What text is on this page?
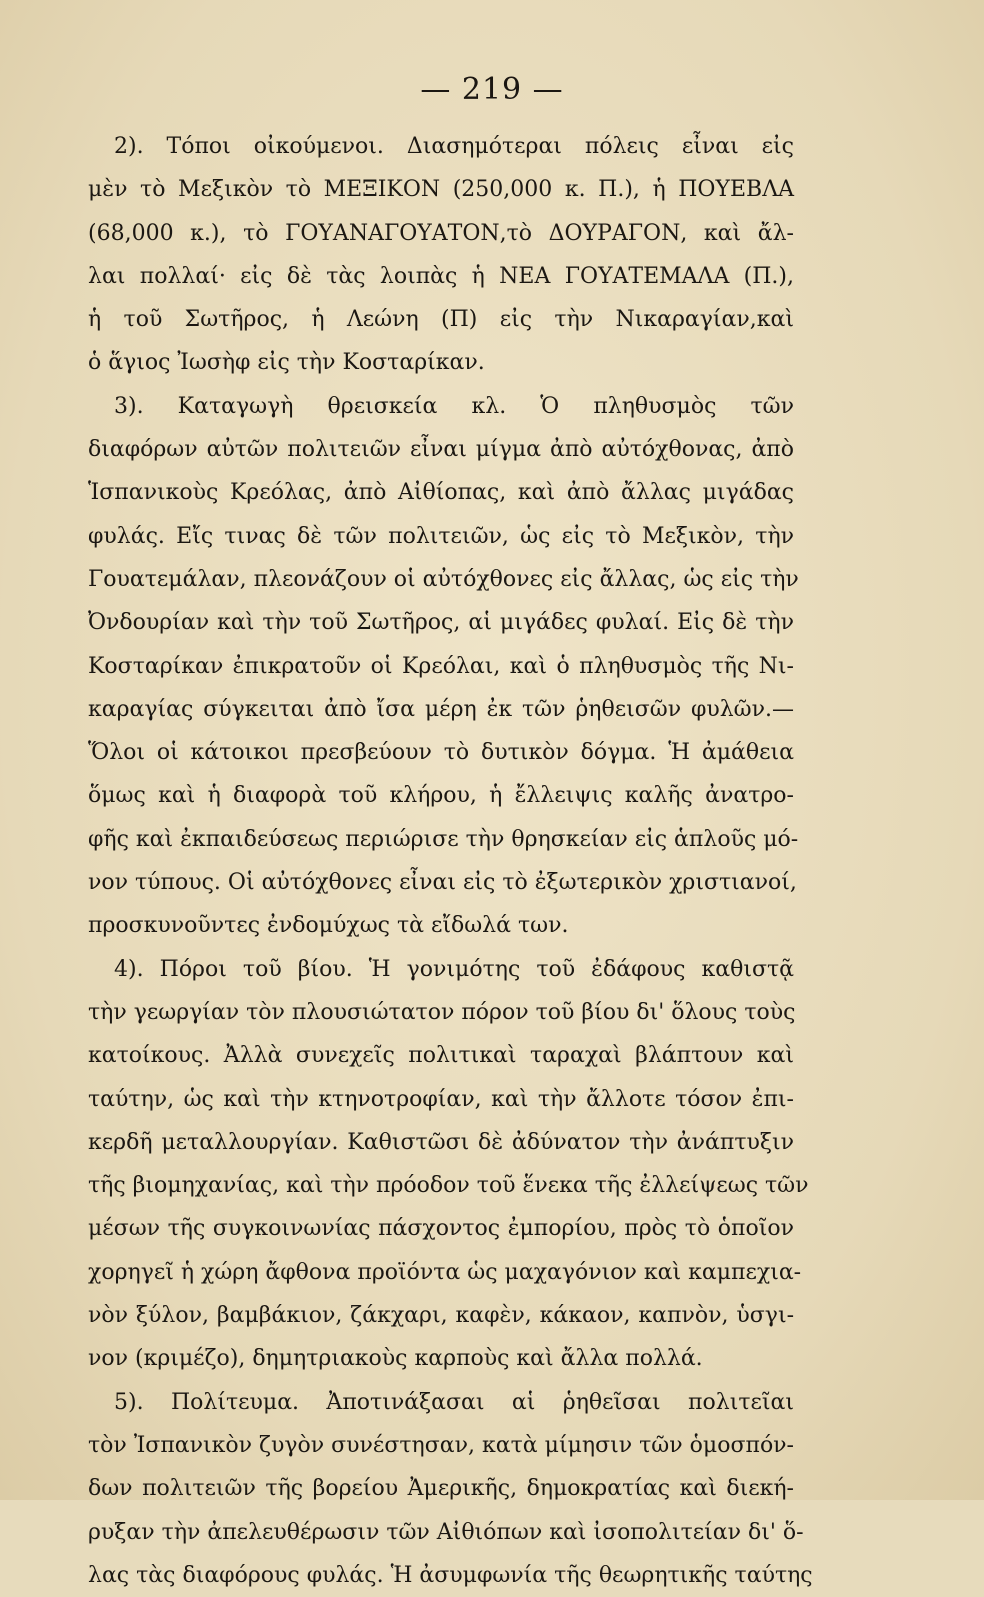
— 219 —
2). Τόποι οἰκούμενοι. Διασημότεραι πόλεις εἶναι εἰς
μὲν τὸ Μεξικὸν τὸ ΜΕΞΙΚΟΝ (250,000 κ. Π.), ἡ ΠΟΥΕΒΛΑ
(68,000 κ.), τὸ ΓΟΥΑΝΑΓΟΥΑΤΟΝ,τὸ ΔΟΥΡΑΓΟΝ, καὶ ἄλ-
λαι πολλαί· εἰς δὲ τὰς λοιπὰς ἡ ΝΕΑ ΓΟΥΑΤΕΜΑΛΑ (Π.),
ἡ τοῦ Σωτῆρος, ἡ Λεώνη (Π) εἰς τὴν Νικαραγίαν,καὶ
ὁ ἅγιος Ἰωσὴφ εἰς τὴν Κοσταρίκαν.
3). Καταγωγὴ θρεισκεία κλ. Ὁ πληθυσμὸς τῶν
διαφόρων αὐτῶν πολιτειῶν εἶναι μίγμα ἀπὸ αὐτόχθονας, ἀπὸ
Ἱσπανικοὺς Κρεόλας, ἀπὸ Αἰθίοπας, καὶ ἀπὸ ἄλλας μιγάδας
φυλάς. Εἴς τινας δὲ τῶν πολιτειῶν, ὡς εἰς τὸ Μεξικὸν, τὴν
Γουατεμάλαν, πλεονάζουν οἱ αὐτόχθονες εἰς ἄλλας, ὡς εἰς τὴν
Ὀνδουρίαν καὶ τὴν τοῦ Σωτῆρος, αἱ μιγάδες φυλαί. Εἰς δὲ τὴν
Κοσταρίκαν ἐπικρατοῦν οἱ Κρεόλαι, καὶ ὁ πληθυσμὸς τῆς Νι-
καραγίας σύγκειται ἀπὸ ἴσα μέρη ἐκ τῶν ῥηθεισῶν φυλῶν.—
Ὅλοι οἱ κάτοικοι πρεσβεύουν τὸ δυτικὸν δόγμα. Ἡ ἀμάθεια
ὅμως καὶ ἡ διαφορὰ τοῦ κλήρου, ἡ ἔλλειψις καλῆς ἀνατρο-
φῆς καὶ ἐκπαιδεύσεως περιώρισε τὴν θρησκείαν εἰς ἁπλοῦς μό-
νον τύπους. Οἱ αὐτόχθονες εἶναι εἰς τὸ ἐξωτερικὸν χριστιανοί,
προσκυνοῦντες ἐνδομύχως τὰ εἴδωλά των.
4). Πόροι τοῦ βίου. Ἡ γονιμότης τοῦ ἐδάφους καθιστᾷ
τὴν γεωργίαν τὸν πλουσιώτατον πόρον τοῦ βίου δι' ὅλους τοὺς
κατοίκους. Ἀλλὰ συνεχεῖς πολιτικαὶ ταραχαὶ βλάπτουν καὶ
ταύτην, ὡς καὶ τὴν κτηνοτροφίαν, καὶ τὴν ἄλλοτε τόσον ἐπι-
κερδῆ μεταλλουργίαν. Καθιστῶσι δὲ ἀδύνατον τὴν ἀνάπτυξιν
τῆς βιομηχανίας, καὶ τὴν πρόοδον τοῦ ἕνεκα τῆς ἐλλείψεως τῶν
μέσων τῆς συγκοινωνίας πάσχοντος ἐμπορίου, πρὸς τὸ ὁποῖον
χορηγεῖ ἡ χώρη ἄφθονα προϊόντα ὡς μαχαγόνιον καὶ καμπεχια-
νὸν ξύλον, βαμβάκιον, ζάκχαρι, καφὲν, κάκαον, καπνὸν, ὑσγι-
νον (κριμέζο), δημητριακοὺς καρποὺς καὶ ἄλλα πολλά.
5). Πολίτευμα. Ἀποτινάξασαι αἱ ῥηθεῖσαι πολιτεῖαι
τὸν Ἰσπανικὸν ζυγὸν συνέστησαν, κατὰ μίμησιν τῶν ὁμοσπόν-
δων πολιτειῶν τῆς βορείου Ἀμερικῆς, δημοκρατίας καὶ διεκή-
ρυξαν τὴν ἀπελευθέρωσιν τῶν Αἰθιόπων καὶ ἰσοπολιτείαν δι' ὅ-
λας τὰς διαφόρους φυλάς. Ἡ ἀσυμφωνία τῆς θεωρητικῆς ταύτης
